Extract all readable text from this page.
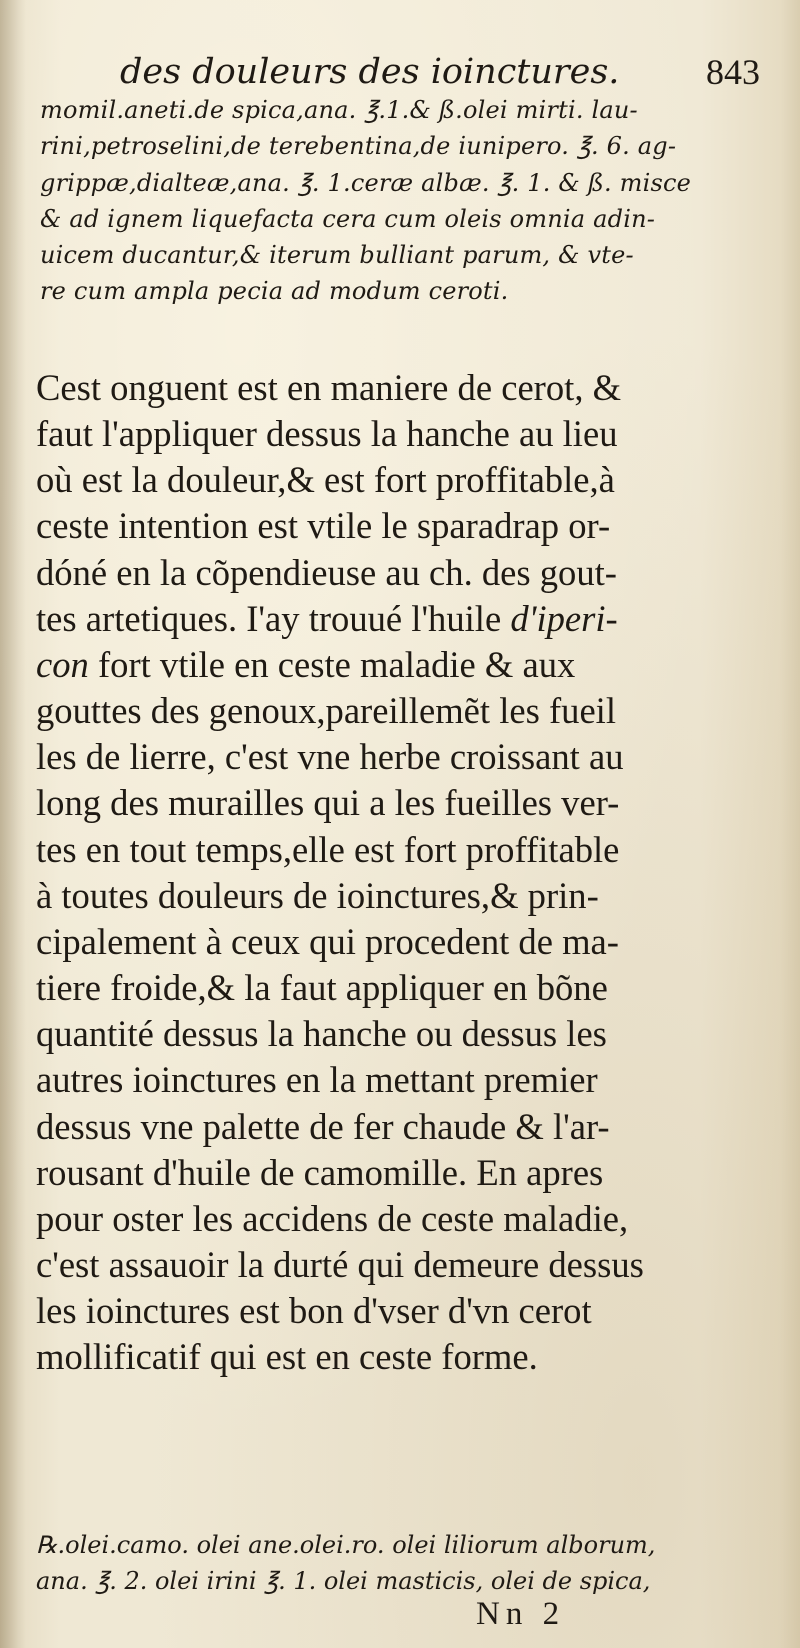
des douleurs des ioinctures. 843
momil.aneti.de spica,ana. ℥.1.& ß.olei mirti. lau-
rini,petroselini,de terebentina,de iunipero. ℥. 6. ag-
grippæ,dialteæ,ana. ℥. 1.ceræ albæ. ℥. 1. & ß. misce
& ad ignem liquefacta cera cum oleis omnia adin-
uicem ducantur,& iterum bulliant parum, & vte-
re cum ampla pecia ad modum ceroti.
Cest onguent est en maniere de cerot, &
faut l'appliquer dessus la hanche au lieu
où est la douleur,& est fort proffitable,à
ceste intention est vtile le sparadrap or-
dóné en la cõpendieuse au ch. des gout-
tes artetiques. I'ay trouué l'huile d'iperi-
con fort vtile en ceste maladie & aux
gouttes des genoux,pareillemẽt les fueil
les de lierre, c'est vne herbe croissant au
long des murailles qui a les fueilles ver-
tes en tout temps,elle est fort proffitable
à toutes douleurs de ioinctures,& prin-
cipalement à ceux qui procedent de ma-
tiere froide,& la faut appliquer en bõne
quantité dessus la hanche ou dessus les
autres ioinctures en la mettant premier
dessus vne palette de fer chaude & l'ar-
rousant d'huile de camomille. En apres
pour oster les accidens de ceste maladie,
c'est assauoir la durté qui demeure dessus
les ioinctures est bon d'vser d'vn cerot
mollificatif qui est en ceste forme.
℞.olei.camo. olei ane.olei.ro. olei liliorum alborum,
ana. ℥. 2. olei irini ℥. 1. olei masticis, olei de spica,
Nn 2
